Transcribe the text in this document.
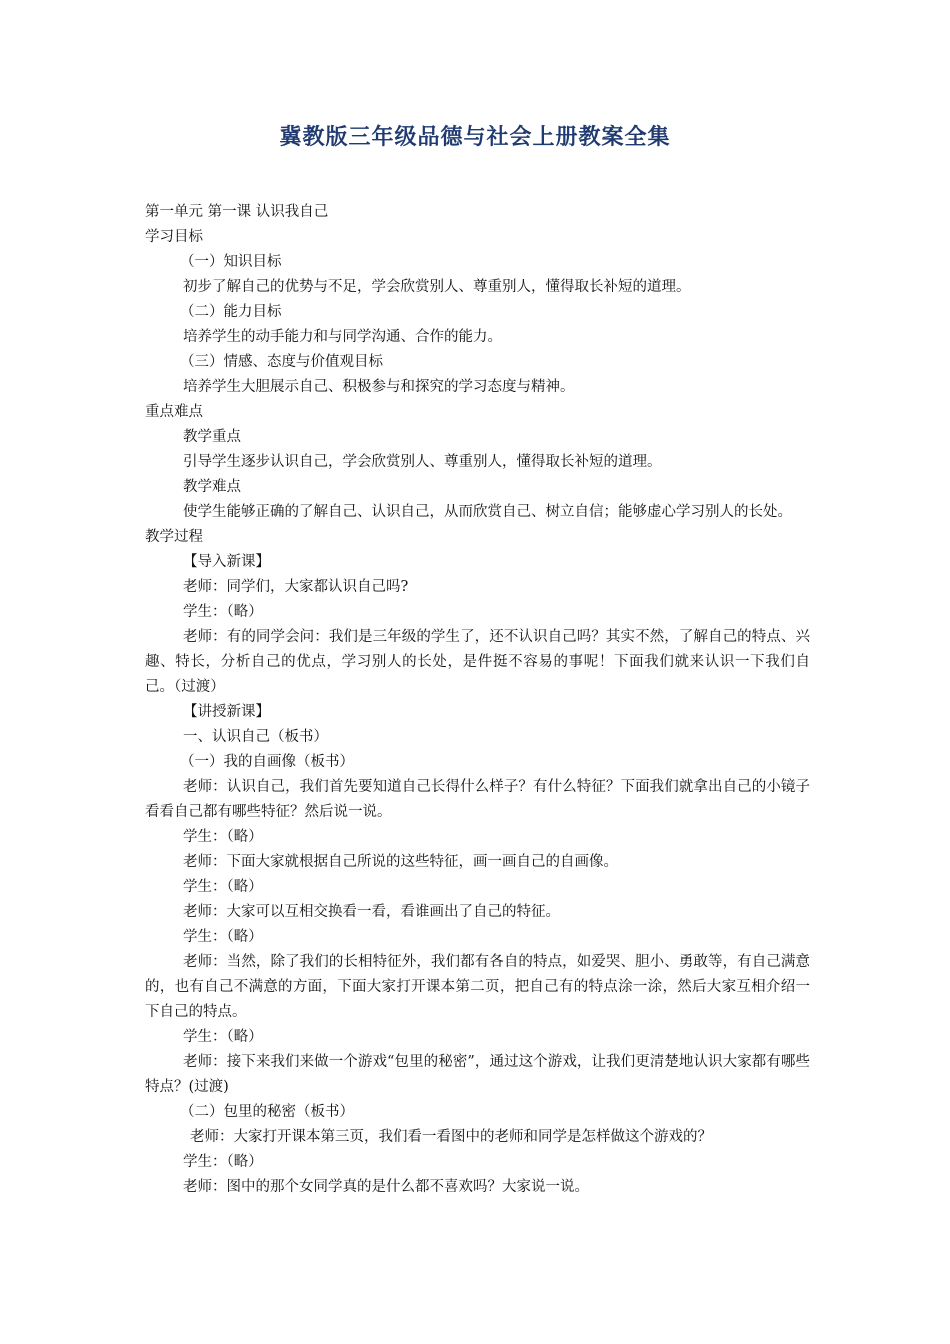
冀教版三年级品德与社会上册教案全集

第一单元 第一课 认识我自己

学习目标

（一）知识目标

初步了解自己的优势与不足，学会欣赏别人、尊重别人，懂得取长补短的道理。

（二）能力目标

培养学生的动手能力和与同学沟通、合作的能力。

（三）情感、态度与价值观目标

培养学生大胆展示自己、积极参与和探究的学习态度与精神。

重点难点

教学重点

引导学生逐步认识自己，学会欣赏别人、尊重别人，懂得取长补短的道理。

教学难点

使学生能够正确的了解自己、认识自己，从而欣赏自己、树立自信；能够虚心学习别人的长处。

教学过程

【导入新课】

老师：同学们，大家都认识自己吗?

学生：（略）

老师：有的同学会问：我们是三年级的学生了，还不认识自己吗？其实不然，了解自己的特点、兴趣、特长，分析自己的优点，学习别人的长处，是件挺不容易的事呢！下面我们就来认识一下我们自己。（过渡）

【讲授新课】

一、认识自己（板书）

（一）我的自画像（板书）

老师：认识自己，我们首先要知道自己长得什么样子？有什么特征？下面我们就拿出自己的小镜子看看自己都有哪些特征？然后说一说。

学生：（略）

老师：下面大家就根据自己所说的这些特征，画一画自己的自画像。

学生：（略）

老师：大家可以互相交换看一看，看谁画出了自己的特征。

学生：（略）

老师：当然，除了我们的长相特征外，我们都有各自的特点，如爱哭、胆小、勇敢等，有自己满意的，也有自己不满意的方面，下面大家打开课本第二页，把自己有的特点涂一涂，然后大家互相介绍一下自己的特点。

学生：（略）

老师：接下来我们来做一个游戏“包里的秘密”，通过这个游戏，让我们更清楚地认识大家都有哪些特点？(过渡)

（二）包里的秘密（板书）

老师：大家打开课本第三页，我们看一看图中的老师和同学是怎样做这个游戏的？

学生：（略）

老师：图中的那个女同学真的是什么都不喜欢吗？大家说一说。
